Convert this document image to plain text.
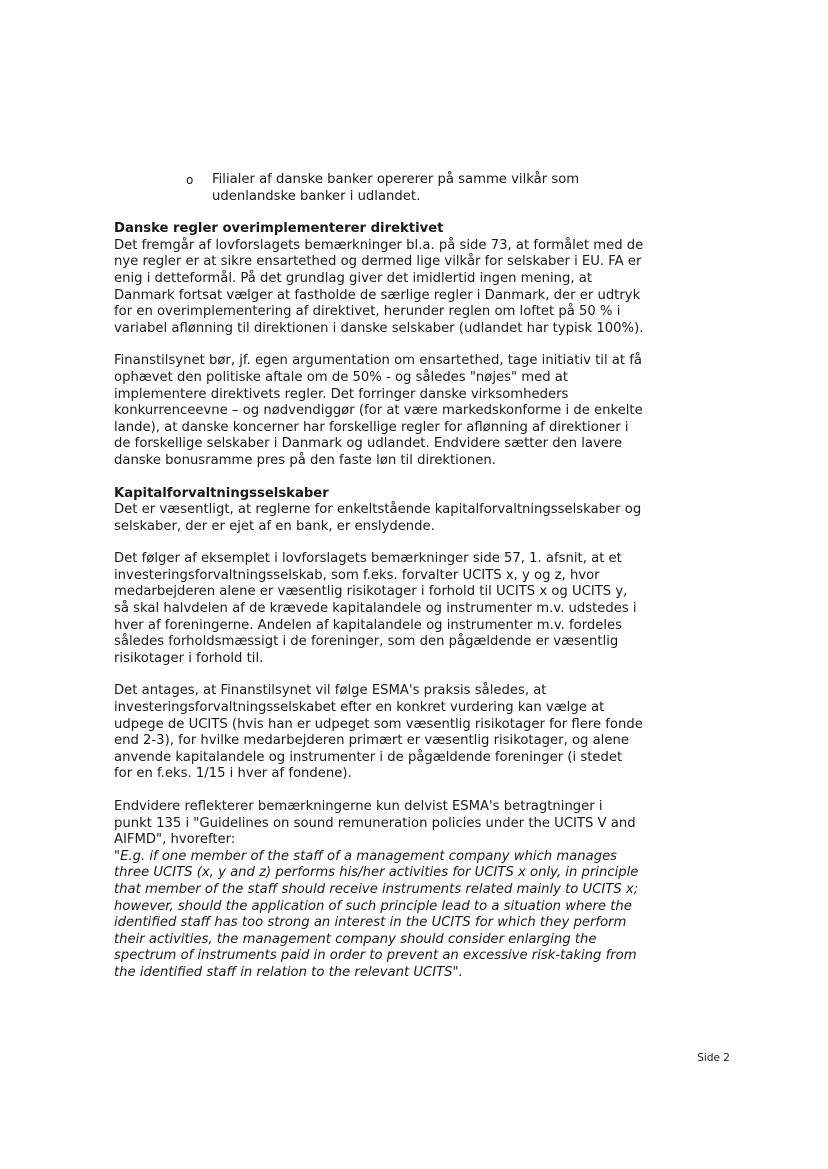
o Filialer af danske banker opererer på samme vilkår som udenlandske banker i udlandet.

Danske regler overimplementerer direktivet

Det fremgår af lovforslagets bemærkninger bl.a. på side 73, at formålet med de nye regler er at sikre ensartethed og dermed lige vilkår for selskaber i EU. FA er enig i detteformål. På det grundlag giver det imidlertid ingen mening, at Danmark fortsat vælger at fastholde de særlige regler i Danmark, der er udtryk for en overimplementering af direktivet, herunder reglen om loftet på 50 % i variabel aflønning til direktionen i danske selskaber (udlandet har typisk 100%).

Finanstilsynet bør, jf. egen argumentation om ensartethed, tage initiativ til at få ophævet den politiske aftale om de 50% - og således "nøjes" med at implementere direktivets regler. Det forringer danske virksomheders konkurrenceevne – og nødvendiggør (for at være markedskonforme i de enkelte lande), at danske koncerner har forskellige regler for aflønning af direktioner i de forskellige selskaber i Danmark og udlandet. Endvidere sætter den lavere danske bonusramme pres på den faste løn til direktionen.

Kapitalforvaltningsselskaber

Det er væsentligt, at reglerne for enkeltstående kapitalforvaltningsselskaber og selskaber, der er ejet af en bank, er enslydende.

Det følger af eksemplet i lovforslagets bemærkninger side 57, 1. afsnit, at et investeringsforvaltningsselskab, som f.eks. forvalter UCITS x, y og z, hvor medarbejderen alene er væsentlig risikotager i forhold til UCITS x og UCITS y, så skal halvdelen af de krævede kapitalandele og instrumenter m.v. udstedes i hver af foreningerne. Andelen af kapitalandele og instrumenter m.v. fordeles således forholdsmæssigt i de foreninger, som den pågældende er væsentlig risikotager i forhold til.

Det antages, at Finanstilsynet vil følge ESMA's praksis således, at investeringsforvaltningsselskabet efter en konkret vurdering kan vælge at udpege de UCITS (hvis han er udpeget som væsentlig risikotager for flere fonde end 2-3), for hvilke medarbejderen primært er væsentlig risikotager, og alene anvende kapitalandele og instrumenter i de pågældende foreninger (i stedet for en f.eks. 1/15 i hver af fondene).

Endvidere reflekterer bemærkningerne kun delvist ESMA's betragtninger i punkt 135 i "Guidelines on sound remuneration policies under the UCITS V and AIFMD", hvorefter:

"E.g. if one member of the staff of a management company which manages three UCITS (x, y and z) performs his/her activities for UCITS x only, in principle that member of the staff should receive instruments related mainly to UCITS x; however, should the application of such principle lead to a situation where the identified staff has too strong an interest in the UCITS for which they perform their activities, the management company should consider enlarging the spectrum of instruments paid in order to prevent an excessive risk-taking from the identified staff in relation to the relevant UCITS".

Side 2
